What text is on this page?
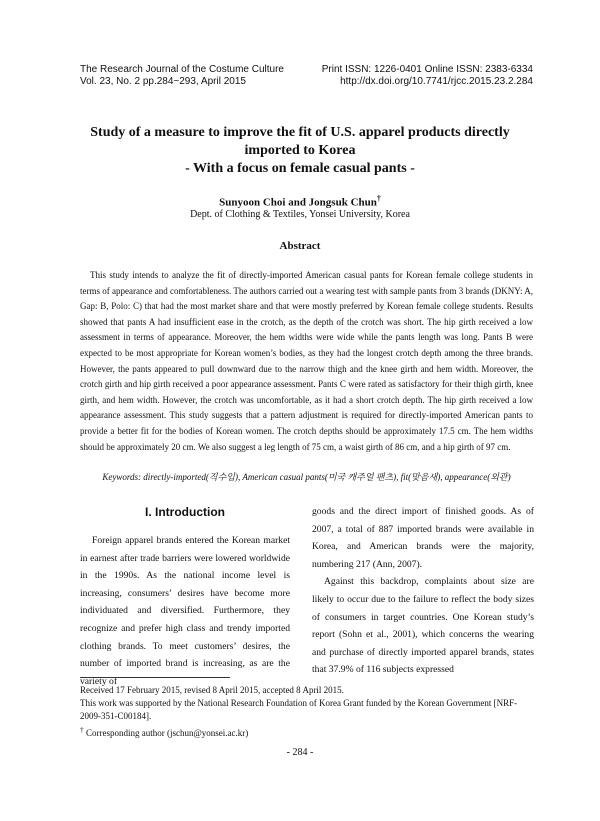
The Research Journal of the Costume Culture
Vol. 23, No. 2 pp.284~293, April 2015
Print ISSN: 1226-0401 Online ISSN: 2383-6334
http://dx.doi.org/10.7741/rjcc.2015.23.2.284
Study of a measure to improve the fit of U.S. apparel products directly
imported to Korea
- With a focus on female casual pants -
Sunyoon Choi and Jongsuk Chun†
Dept. of Clothing & Textiles, Yonsei University, Korea
Abstract

This study intends to analyze the fit of directly-imported American casual pants for Korean female college students in terms of appearance and comfortableness. The authors carried out a wearing test with sample pants from 3 brands (DKNY: A, Gap: B, Polo: C) that had the most market share and that were mostly preferred by Korean female college students. Results showed that pants A had insufficient ease in the crotch, as the depth of the crotch was short. The hip girth received a low assessment in terms of appearance. Moreover, the hem widths were wide while the pants length was long. Pants B were expected to be most appropriate for Korean women’s bodies, as they had the longest crotch depth among the three brands. However, the pants appeared to pull downward due to the narrow thigh and the knee girth and hem width. Moreover, the crotch girth and hip girth received a poor appearance assessment. Pants C were rated as satisfactory for their thigh girth, knee girth, and hem width. However, the crotch was uncomfortable, as it had a short crotch depth. The hip girth received a low appearance assessment. This study suggests that a pattern adjustment is required for directly-imported American pants to provide a better fit for the bodies of Korean women. The crotch depths should be approximately 17.5 cm. The hem widths should be approximately 20 cm. We also suggest a leg length of 75 cm, a waist girth of 86 cm, and a hip girth of 97 cm.

Keywords: directly-imported(직수입), American casual pants(미국 캐주얼 팬츠), fit(맞음새), appearance(외관)

I. Introduction

Foreign apparel brands entered the Korean market in earnest after trade barriers were lowered worldwide in the 1990s. As the national income level is increasing, consumers’ desires have become more individuated and diversified. Furthermore, they recognize and prefer high class and trendy imported clothing brands. To meet customers’ desires, the number of imported brand is increasing, as are the variety of

goods and the direct import of finished goods. As of 2007, a total of 887 imported brands were available in Korea, and American brands were the majority, numbering 217 (Ann, 2007).

Against this backdrop, complaints about size are likely to occur due to the failure to reflect the body sizes of consumers in target countries. One Korean study’s report (Sohn et al., 2001), which concerns the wearing and purchase of directly imported apparel brands, states that 37.9% of 116 subjects expressed

Received 17 February 2015, revised 8 April 2015, accepted 8 April 2015.
This work was supported by the National Research Foundation of Korea Grant funded by the Korean Government [NRF-2009-351-C00184].
† Corresponding author (jschun@yonsei.ac.kr)
- 284 -
